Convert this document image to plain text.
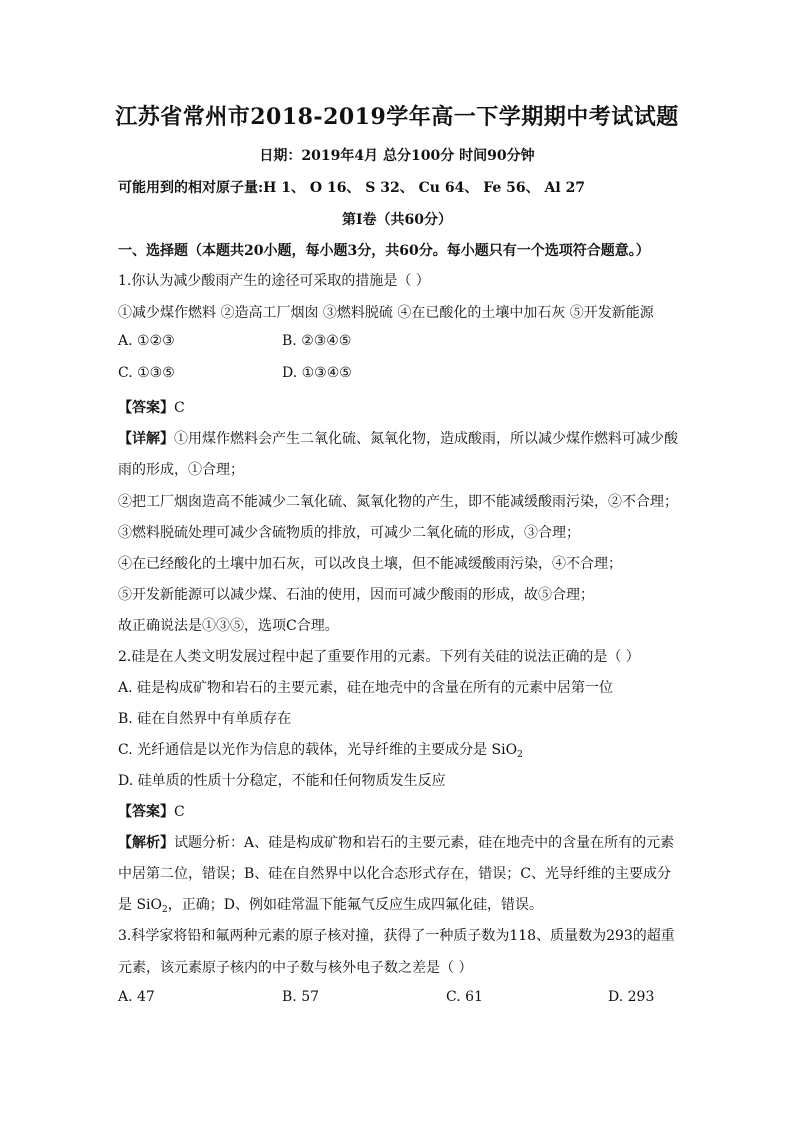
江苏省常州市2018-2019学年高一下学期期中考试试题
日期：2019年4月 总分100分 时间90分钟
可能用到的相对原子量:H 1、 O 16、 S 32、 Cu 64、 Fe 56、 Al 27
第Ⅰ卷（共60分）
一、选择题（本题共20小题，每小题3分，共60分。每小题只有一个选项符合题意。）
1.你认为减少酸雨产生的途径可采取的措施是（ ）
①减少煤作燃料 ②造高工厂烟囱 ③燃料脱硫 ④在已酸化的土壤中加石灰 ⑤开发新能源
A. ①②③	B. ②③④⑤
C. ①③⑤	D. ①③④⑤
【答案】C
【详解】①用煤作燃料会产生二氧化硫、氮氧化物，造成酸雨，所以减少煤作燃料可减少酸
雨的形成，①合理；
②把工厂烟囱造高不能减少二氧化硫、氮氧化物的产生，即不能减缓酸雨污染，②不合理；
③燃料脱硫处理可减少含硫物质的排放，可减少二氧化硫的形成，③合理；
④在已经酸化的土壤中加石灰，可以改良土壤，但不能减缓酸雨污染，④不合理；
⑤开发新能源可以减少煤、石油的使用，因而可减少酸雨的形成，故⑤合理；
故正确说法是①③⑤，选项C合理。
2.硅是在人类文明发展过程中起了重要作用的元素。下列有关硅的说法正确的是（ ）
A. 硅是构成矿物和岩石的主要元素，硅在地壳中的含量在所有的元素中居第一位
B. 硅在自然界中有单质存在
C. 光纤通信是以光作为信息的载体，光导纤维的主要成分是 SiO$_2$
D. 硅单质的性质十分稳定，不能和任何物质发生反应
【答案】C
【解析】试题分析：A、硅是构成矿物和岩石的主要元素，硅在地壳中的含量在所有的元素
中居第二位，错误；B、硅在自然界中以化合态形式存在，错误；C、光导纤维的主要成分
是 SiO$_2$，正确；D、例如硅常温下能氟气反应生成四氟化硅，错误。
3.科学家将铅和氟两种元素的原子核对撞，获得了一种质子数为118、质量数为293的超重
元素，该元素原子核内的中子数与核外电子数之差是（ ）
A. 47	B. 57	C. 61	D. 293
